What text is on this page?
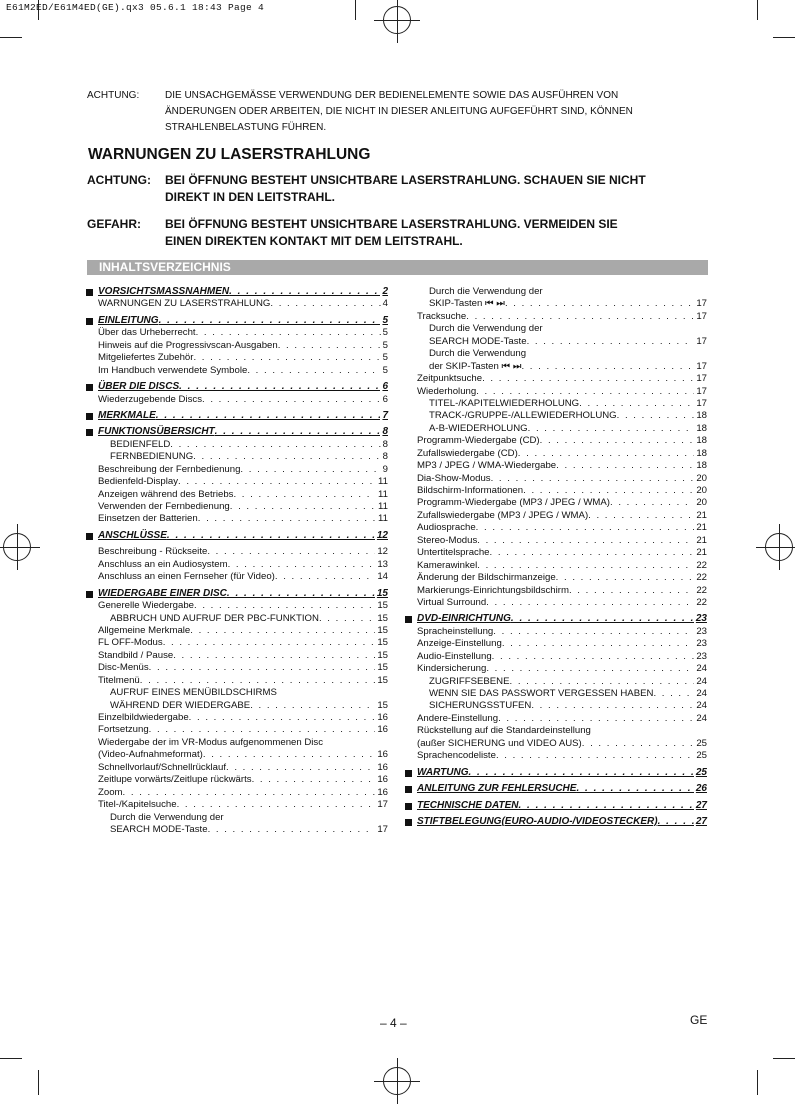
E61M2ED/E61M4ED(GE).qx3 05.6.1 18:43 Page 4
ACHTUNG:	DIE UNSACHGEMÄSSE VERWENDUNG DER BEDIENELEMENTE SOWIE DAS AUSFÜHREN VON
ÄNDERUNGEN ODER ARBEITEN, DIE NICHT IN DIESER ANLEITUNG AUFGEFÜHRT SIND, KÖNNEN
STRAHLENBELASTUNG FÜHREN.
WARNUNGEN ZU LASERSTRAHLUNG
ACHTUNG:	BEI ÖFFNUNG BESTEHT UNSICHTBARE LASERSTRAHLUNG. SCHAUEN SIE NICHT
DIREKT IN DEN LEITSTRAHL.
GEFAHR:	BEI ÖFFNUNG BESTEHT UNSICHTBARE LASERSTRAHLUNG. VERMEIDEN SIE
EINEN DIREKTEN KONTAKT MIT DEM LEITSTRAHL.
INHALTSVERZEICHNIS
VORSICHTSMASSNAHMEN . . .	2
WARNUNGEN ZU LASERSTRAHLUNG . . .	4
EINLEITUNG . . .	5
Über das Urheberrecht . . .	5
Hinweis auf die Progressivscan-Ausgaben . . .	5
Mitgeliefertes Zubehör . . .	5
Im Handbuch verwendete Symbole . . .	5
ÜBER DIE DISCS . . .	6
Wiederzugebende Discs . . .	6
MERKMALE . . .	7
FUNKTIONSÜBERSICHT . . .	8
BEDIENFELD . . .	8
FERNBEDIENUNG . . .	8
Beschreibung der Fernbedienung . . .	9
Bedienfeld-Display . . .	11
Anzeigen während des Betriebs . . .	11
Verwenden der Fernbedienung . . .	11
Einsetzen der Batterien . . .	11
ANSCHLÜSSE . . .	12
Beschreibung - Rückseite . . .	12
Anschluss an ein Audiosystem . . .	13
Anschluss an einen Fernseher (für Video) . . .	14
WIEDERGABE EINER DISC . . .	15
Generelle Wiedergabe . . .	15
ABBRUCH UND AUFRUF DER PBC-FUNKTION . . .	15
Allgemeine Merkmale . . .	15
FL OFF-Modus . . .	15
Standbild / Pause . . .	15
Disc-Menüs . . .	15
Titelmenü . . .	15
AUFRUF EINES MENÜBILDSCHIRMS
WÄHREND DER WIEDERGABE . . .	15
Einzelbildwiedergabe . . .	16
Fortsetzung . . .	16
Wiedergabe der im VR-Modus aufgenommenen Disc
(Video-Aufnahmeformat) . . .	16
Schnellvorlauf/Schnellrücklauf . . .	16
Zeitlupe vorwärts/Zeitlupe rückwärts . . .	16
Zoom . . .	16
Titel-/Kapitelsuche . . .	17
Durch die Verwendung der
SEARCH MODE-Taste . . .	17
Durch die Verwendung der
SKIP-Tasten ⏮ ⏭ . . .	17
Tracksuche . . .	17
Durch die Verwendung der
SEARCH MODE-Taste . . .	17
Durch die Verwendung
der SKIP-Tasten ⏮ ⏭ . . .	17
Zeitpunktsuche . . .	17
Wiederholung . . .	17
TITEL-/KAPITELWIEDERHOLUNG . . .	17
TRACK-/GRUPPE-/ALLEWIEDERHOLUNG . . .	18
A-B-WIEDERHOLUNG . . .	18
Programm-Wiedergabe (CD) . . .	18
Zufallswiedergabe (CD) . . .	18
MP3 / JPEG / WMA-Wiedergabe . . .	18
Dia-Show-Modus . . .	20
Bildschirm-Informationen . . .	20
Programm-Wiedergabe (MP3 / JPEG / WMA) . . .	20
Zufallswiedergabe (MP3 / JPEG / WMA) . . .	21
Audiosprache . . .	21
Stereo-Modus . . .	21
Untertitelsprache . . .	21
Kamerawinkel . . .	22
Änderung der Bildschirmanzeige . . .	22
Markierungs-Einrichtungsbildschirm . . .	22
Virtual Surround . . .	22
DVD-EINRICHTUNG . . .	23
Spracheinstellung . . .	23
Anzeige-Einstellung . . .	23
Audio-Einstellung . . .	23
Kindersicherung . . .	24
ZUGRIFFSEBENE . . .	24
WENN SIE DAS PASSWORT VERGESSEN HABEN . . .	24
SICHERUNGSSTUFEN . . .	24
Andere-Einstellung . . .	24
Rückstellung auf die Standardeinstellung
(außer SICHERUNG und VIDEO AUS) . . .	25
Sprachencodeliste . . .	25
WARTUNG . . .	25
ANLEITUNG ZUR FEHLERSUCHE . . .	26
TECHNISCHE DATEN . . .	27
STIFTBELEGUNG(EURO-AUDIO-/VIDEOSTECKER) . . .	27
– 4 –	GE
